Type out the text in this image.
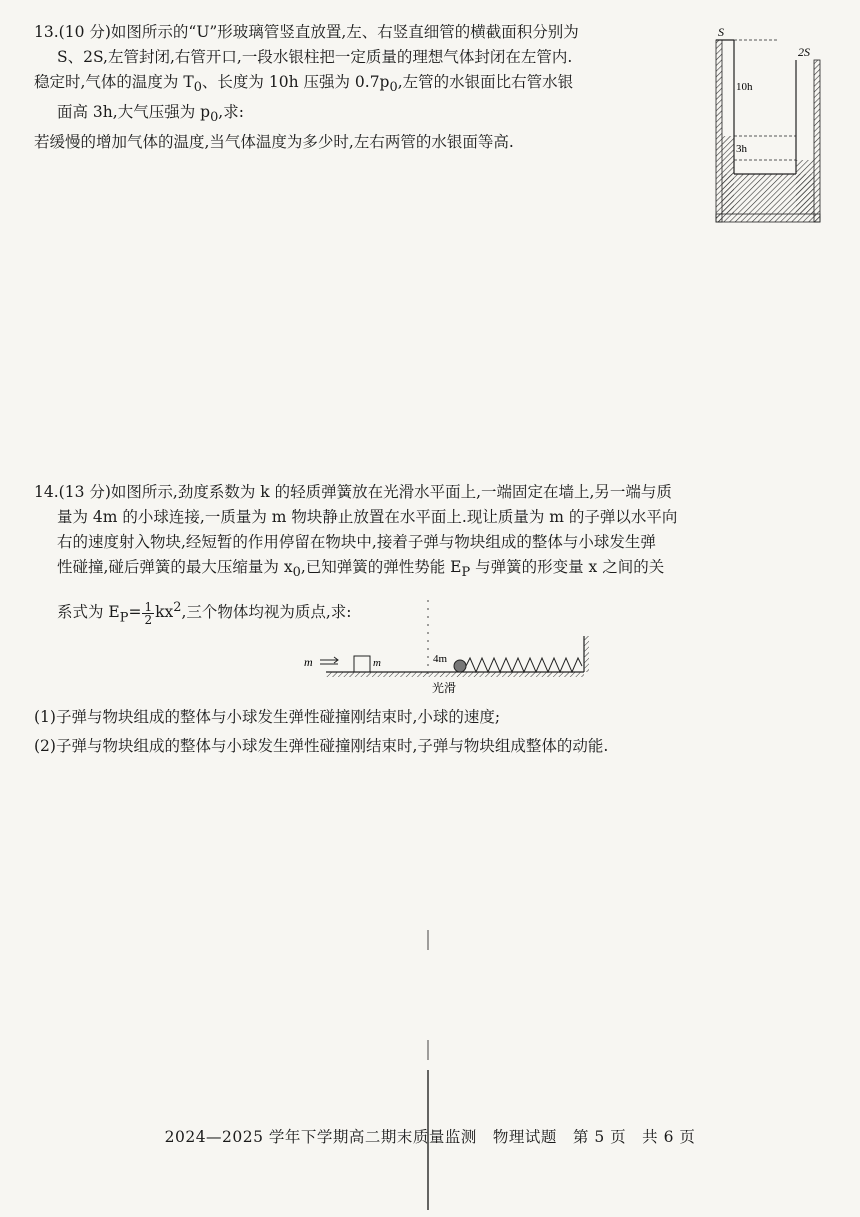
13.(10 分)如图所示的“U”形玻璃管竖直放置,左、右竖直细管的横截面积分别为

S、2S,左管封闭,右管开口,一段水银柱把一定质量的理想气体封闭在左管内.

稳定时,气体的温度为 $T_0$、长度为 10h 压强为 $0.7p_0$,左管的水银面比右管水银

面高 3h,大气压强为 $p_0$,求:

若缓慢的增加气体的温度,当气体温度为多少时,左右两管的水银面等高.

S
2S
10h
3h

14.(13 分)如图所示,劲度系数为 k 的轻质弹簧放在光滑水平面上,一端固定在墙上,另一端与质

量为 4m 的小球连接,一质量为 m 物块静止放置在水平面上.现让质量为 m 的子弹以水平向

右的速度射入物块,经短暂的作用停留在物块中,接着子弹与物块组成的整体与小球发生弹

性碰撞,碰后弹簧的最大压缩量为 $x_0$,已知弹簧的弹性势能 $E_P$ 与弹簧的形变量 x 之间的关

系式为 $E_P= \frac{1}{2} kx^2$,三个物体均视为质点,求:

m	m	4m
光滑
(1)子弹与物块组成的整体与小球发生弹性碰撞刚结束时,小球的速度;
(2)子弹与物块组成的整体与小球发生弹性碰撞刚结束时,子弹与物块组成整体的动能.
2024—2025 学年下学期高二期末质量监测　物理试题　第 5 页　共 6 页
